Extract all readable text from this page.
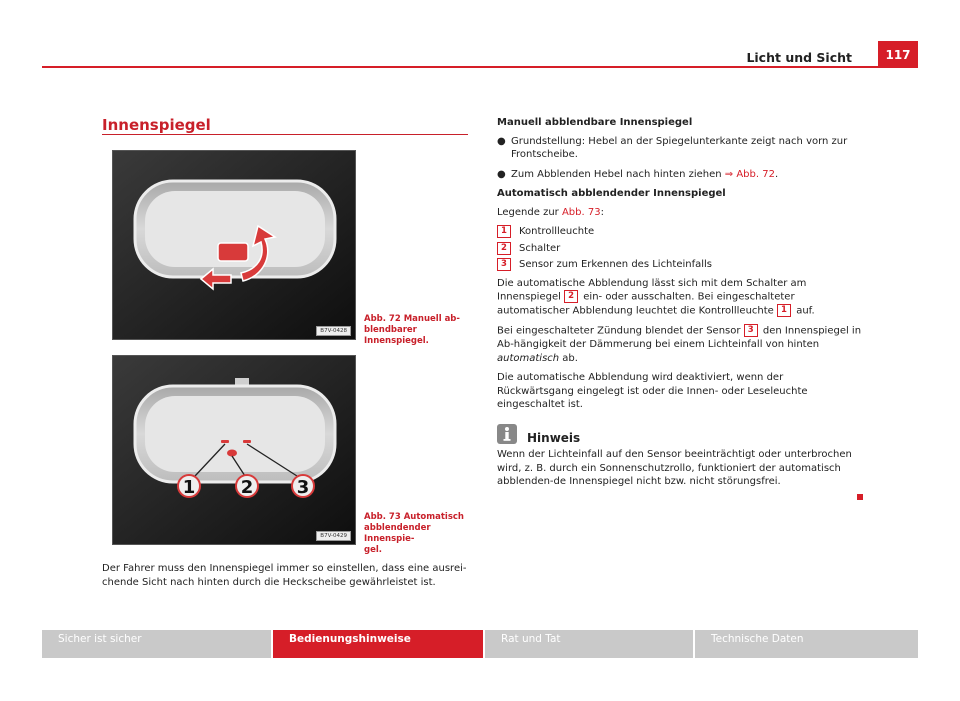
Licht und Sicht	117
Innenspiegel
B7V-0428
Abb. 72 Manuell ab-
blendbarer Innenspiegel.
1	2 3
B7V-0429
Abb. 73 Automatisch
abblendender Innenspie-
gel.
Der Fahrer muss den Innenspiegel immer so einstellen, dass eine ausrei-
chende Sicht nach hinten durch die Heckscheibe gewährleistet ist.

Manuell abblendbare Innenspiegel

● Grundstellung: Hebel an der Spiegelunterkante zeigt nach vorn zur Frontscheibe.
● Zum Abblenden Hebel nach hinten ziehen ⇒ Abb. 72.

Automatisch abblendender Innenspiegel

Legende zur Abb. 73:

1	Kontrollleuchte
2	Schalter
3	Sensor zum Erkennen des Lichteinfalls

Die automatische Abblendung lässt sich mit dem Schalter am Innenspiegel 2 ein- oder ausschalten. Bei eingeschalteter automatischer Abblendung leuchtet die Kontrollleuchte 1 auf.

Bei eingeschalteter Zündung blendet der Sensor 3 den Innenspiegel in Ab-hängigkeit der Dämmerung bei einem Lichteinfall von hinten automatisch ab.

Die automatische Abblendung wird deaktiviert, wenn der Rückwärtsgang eingelegt ist oder die Innen- oder Leseleuchte eingeschaltet ist.

Hinweis

Wenn der Lichteinfall auf den Sensor beeinträchtigt oder unterbrochen wird, z. B. durch ein Sonnenschutzrollo, funktioniert der automatisch abblenden-de Innenspiegel nicht bzw. nicht störungsfrei.

Sicher ist sicher	Bedienungshinweise	Rat und Tat	Technische Daten
